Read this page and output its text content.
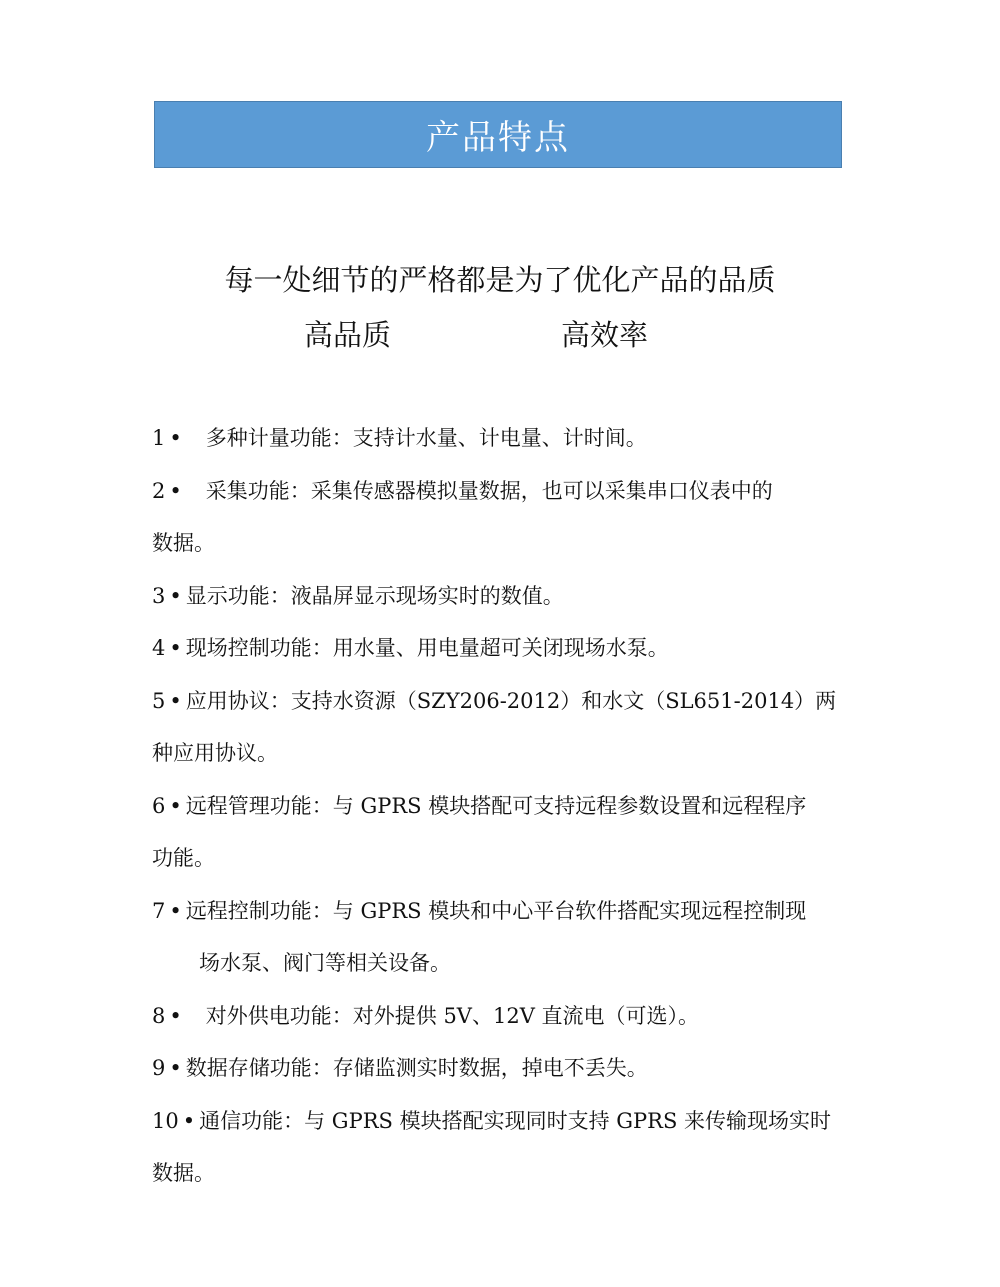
产品特点
每一处细节的严格都是为了优化产品的品质
高品质	高效率
1 • 多种计量功能：支持计水量、计电量、计时间。
2 • 采集功能：采集传感器模拟量数据，也可以采集串口仪表中的
数据。
3 • 显示功能：液晶屏显示现场实时的数值。
4 • 现场控制功能：用水量、用电量超可关闭现场水泵。
5 • 应用协议：支持水资源（SZY206-2012）和水文（SL651-2014）两
种应用协议。
6 • 远程管理功能：与 GPRS 模块搭配可支持远程参数设置和远程程序
功能。
7 • 远程控制功能：与 GPRS 模块和中心平台软件搭配实现远程控制现
场水泵、阀门等相关设备。
8 • 对外供电功能：对外提供 5V、12V 直流电（可选）。
9 • 数据存储功能：存储监测实时数据，掉电不丢失。
10 • 通信功能：与 GPRS 模块搭配实现同时支持 GPRS 来传输现场实时
数据。
